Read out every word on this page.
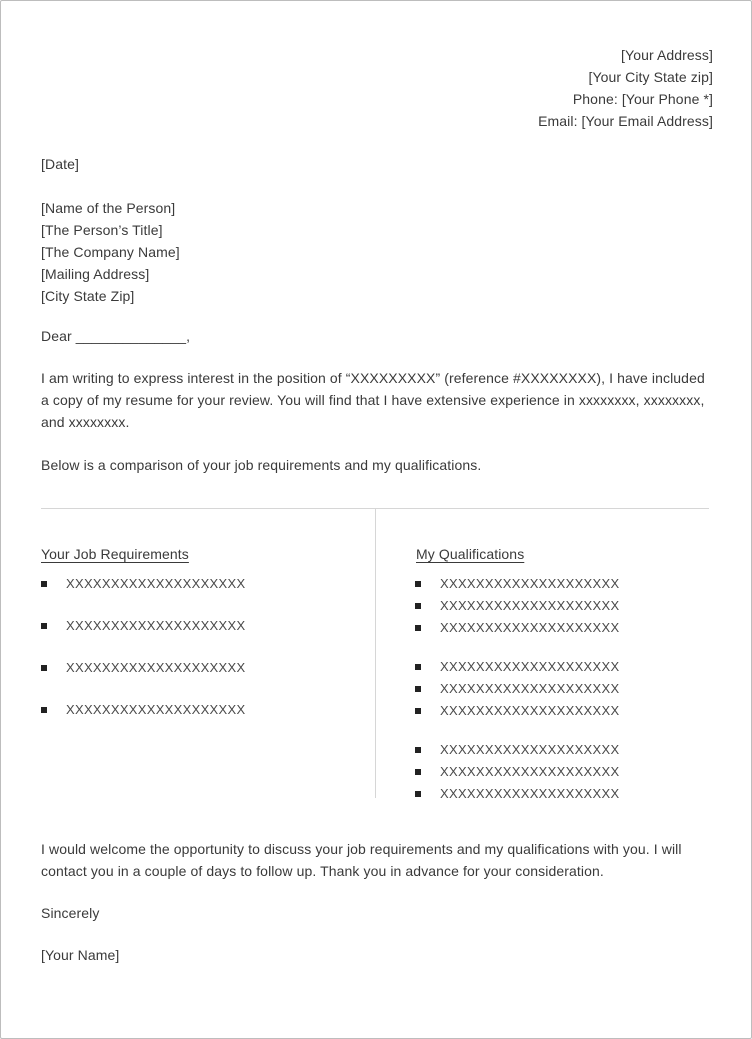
[Your Address]
[Your City State zip]
Phone: [Your Phone *]
Email: [Your Email Address]
[Date]
[Name of the Person]
[The Person’s Title]
[The Company Name]
[Mailing Address]
[City State Zip]
Dear ______________,
I am writing to express interest in the position of “XXXXXXXXX” (reference #XXXXXXXX), I have included a copy of my resume for your review. You will find that I have extensive experience in xxxxxxxx, xxxxxxxx, and xxxxxxxx.
Below is a comparison of your job requirements and my qualifications.
Your Job Requirements	My Qualifications
XXXXXXXXXXXXXXXXXXXX
XXXXXXXXXXXXXXXXXXXX
XXXXXXXXXXXXXXXXXXXX
XXXXXXXXXXXXXXXXXXXX
XXXXXXXXXXXXXXXXXXXX
XXXXXXXXXXXXXXXXXXXX
XXXXXXXXXXXXXXXXXXXX
XXXXXXXXXXXXXXXXXXXX
XXXXXXXXXXXXXXXXXXXX
XXXXXXXXXXXXXXXXXXXX
XXXXXXXXXXXXXXXXXXXX
XXXXXXXXXXXXXXXXXXXX
XXXXXXXXXXXXXXXXXXXX
I would welcome the opportunity to discuss your job requirements and my qualifications with you. I will contact you in a couple of days to follow up. Thank you in advance for your consideration.
Sincerely
[Your Name]
